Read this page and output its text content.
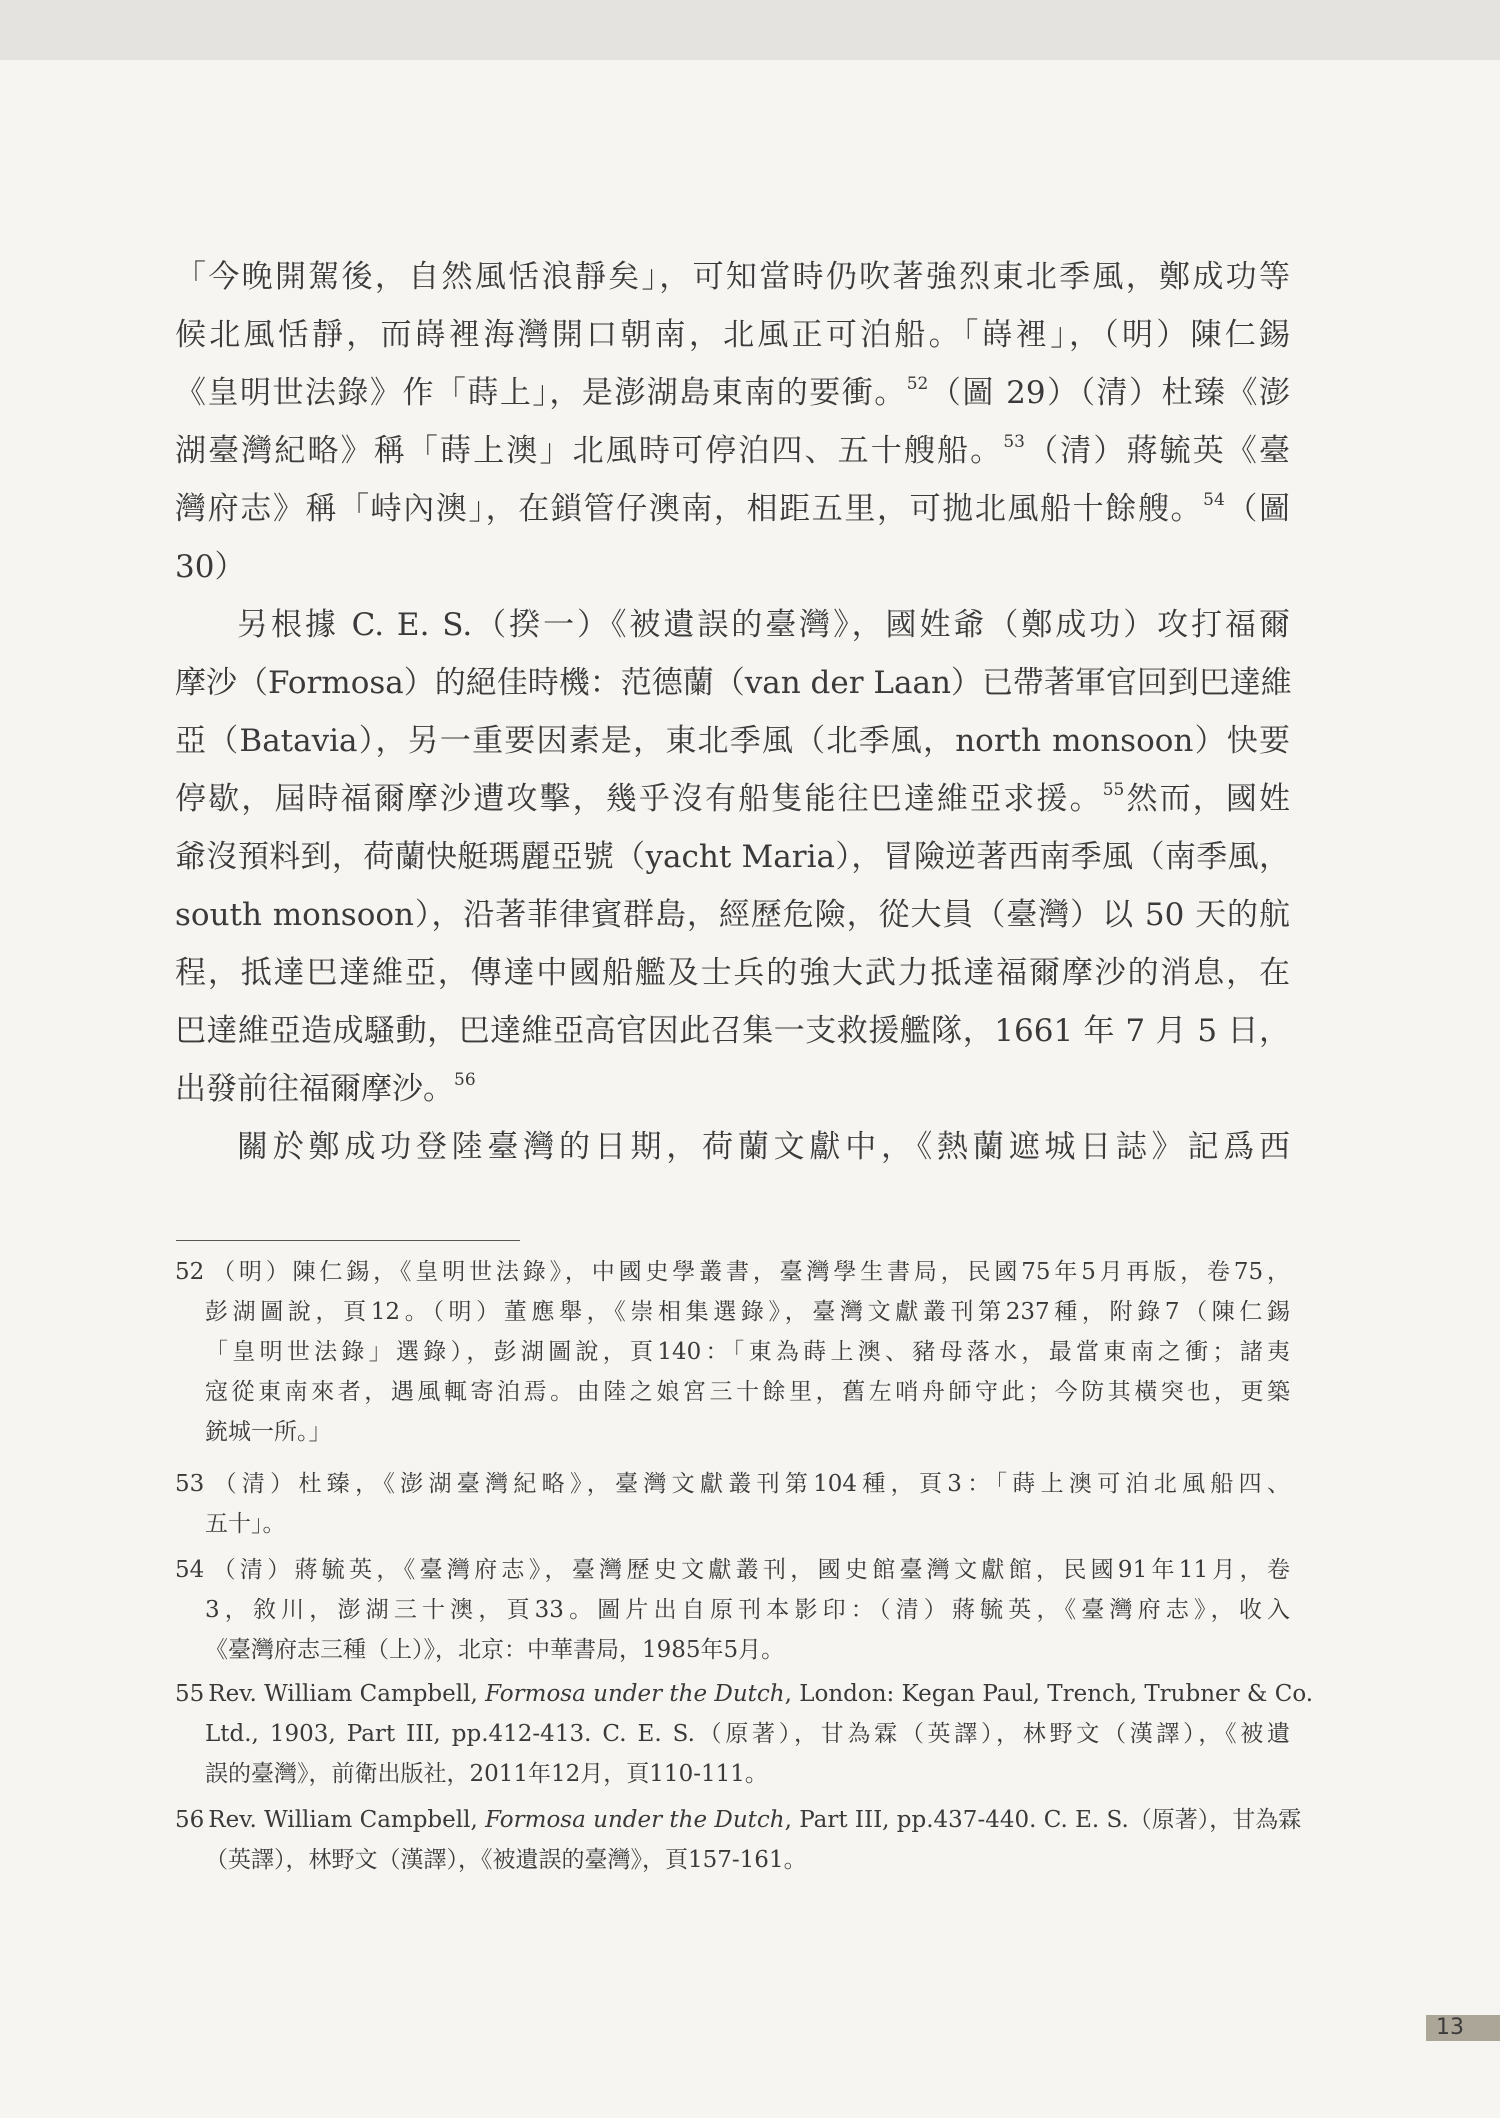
「今晚開駕後，自然風恬浪靜矣」，可知當時仍吹著強烈東北季風，鄭成功等
候北風恬靜，而嵵裡海灣開口朝南，北風正可泊船。「嵵裡」，（明）陳仁錫
《皇明世法錄》作「蒔上」，是澎湖島東南的要衝。$^{52}$（圖 29）（清）杜臻《澎
湖臺灣紀略》稱「蒔上澳」北風時可停泊四、五十艘船。$^{53}$（清）蔣毓英《臺
灣府志》稱「峙內澳」，在鎖管仔澳南，相距五里，可拋北風船十餘艘。$^{54}$（圖
30）
另根據 C. E. S.（揆一）《被遺誤的臺灣》，國姓爺（鄭成功）攻打福爾
摩沙（Formosa）的絕佳時機：范德蘭（van der Laan）已帶著軍官回到巴達維
亞（Batavia），另一重要因素是，東北季風（北季風，north monsoon）快要
停歇，屆時福爾摩沙遭攻擊，幾乎沒有船隻能往巴達維亞求援。$^{55}$然而，國姓
爺沒預料到，荷蘭快艇瑪麗亞號（yacht Maria），冒險逆著西南季風（南季風，
south monsoon），沿著菲律賓群島，經歷危險，從大員（臺灣）以 50 天的航
程，抵達巴達維亞，傳達中國船艦及士兵的強大武力抵達福爾摩沙的消息，在
巴達維亞造成騷動，巴達維亞高官因此召集一支救援艦隊，1661 年 7 月 5 日，
出發前往福爾摩沙。$^{56}$
關於鄭成功登陸臺灣的日期，荷蘭文獻中，《熱蘭遮城日誌》記爲西
52 （明）陳仁錫，《皇明世法錄》，中國史學叢書，臺灣學生書局，民國75年5月再版，卷75，
彭湖圖說，頁12。（明）董應舉，《崇相集選錄》，臺灣文獻叢刊第237種，附錄7（陳仁錫
「皇明世法錄」選錄），彭湖圖說，頁140：「東為蒔上澳、豬母落水，最當東南之衝；諸夷
寇從東南來者，遇風輒寄泊焉。由陸之娘宮三十餘里，舊左哨舟師守此；今防其橫突也，更築
銃城一所。」
53 （清）杜臻，《澎湖臺灣紀略》，臺灣文獻叢刊第104種，頁3：「蒔上澳可泊北風船四、
五十」。
54 （清）蔣毓英，《臺灣府志》，臺灣歷史文獻叢刊，國史館臺灣文獻館，民國91年11月，卷
3，敘川，澎湖三十澳，頁33。圖片出自原刊本影印：（清）蔣毓英，《臺灣府志》，收入
《臺灣府志三種（上）》，北京：中華書局，1985年5月。
55 Rev. William Campbell, Formosa under the Dutch, London: Kegan Paul, Trench, Trubner & Co.
Ltd., 1903, Part III, pp.412-413. C. E. S.（原著），甘為霖（英譯），林野文（漢譯），《被遺
誤的臺灣》，前衛出版社，2011年12月，頁110-111。
56 Rev. William Campbell, Formosa under the Dutch, Part III, pp.437-440. C. E. S.（原著），甘為霖
（英譯），林野文（漢譯），《被遺誤的臺灣》，頁157-161。
13
